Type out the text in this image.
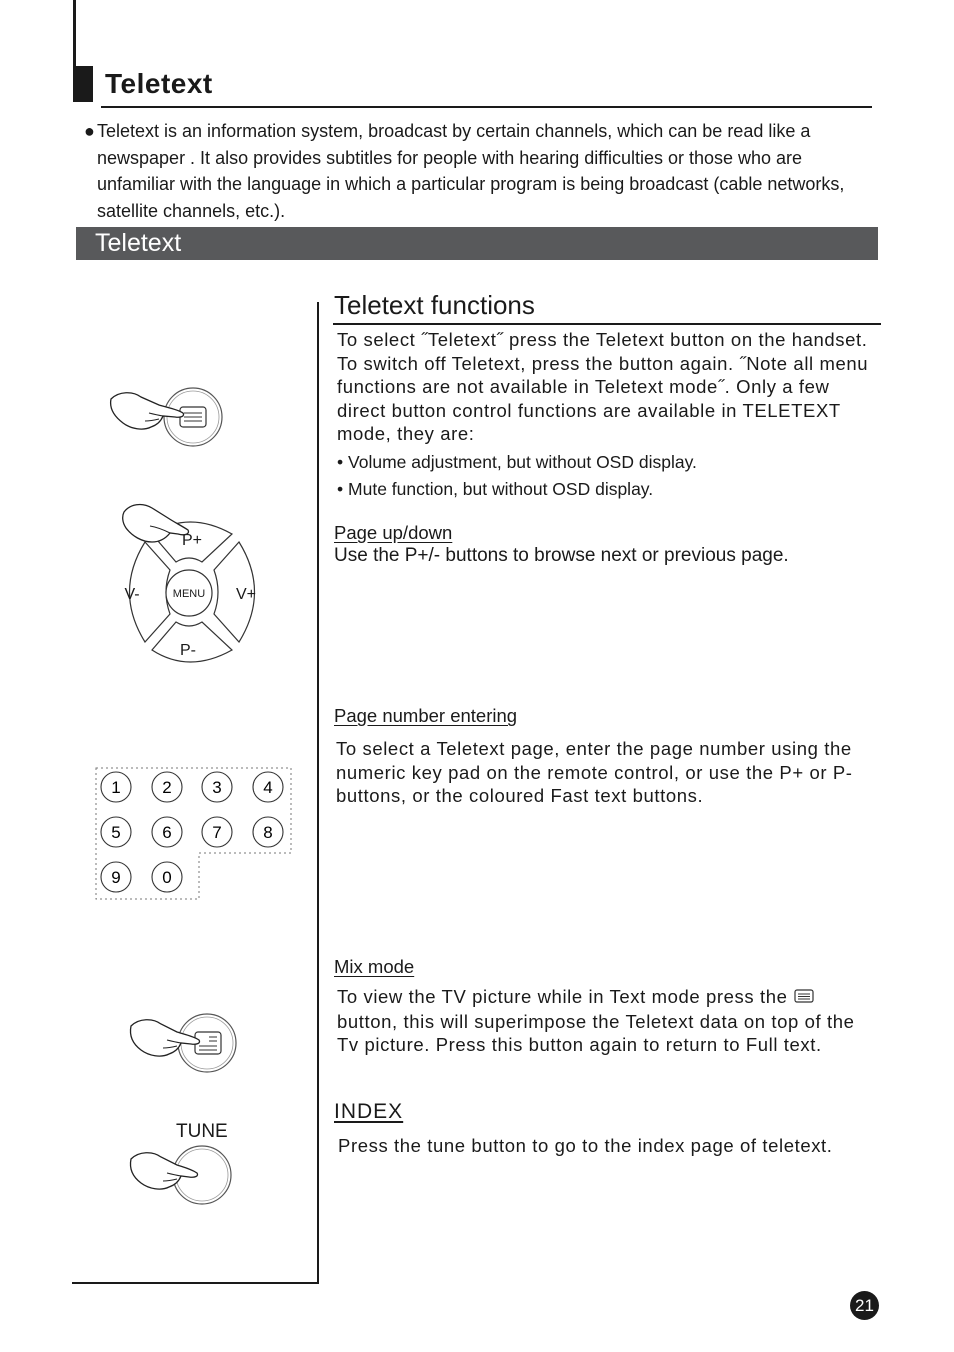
Teletext
● Teletext is an information system, broadcast by certain channels, which can be read like a newspaper . It also provides subtitles for people with hearing difficulties or those who are unfamiliar with the language in which a particular program is being broadcast (cable networks, satellite channels, etc.).
Teletext
Teletext functions
To select ˝Teletext˝ press the Teletext button on the handset. To switch off Teletext, press the button again. ˝Note all menu functions are not available in Teletext mode˝. Only a few direct button control functions are available in TELETEXT mode, they are:
• Volume adjustment, but without OSD display.
• Mute function, but without OSD display.
Page up/down
Use the P+/- buttons to browse next or previous page.
Page number entering
To select a Teletext page, enter the page number using the numeric key pad on the remote control, or use the P+ or P- buttons, or the coloured Fast text buttons.
Mix mode
To view the TV picture while in Text mode press the  button, this will superimpose the Teletext data on top of the Tv picture. Press this button again to return to Full text.
INDEX
Press the tune button to go to the index page of teletext.
P+
P-
V-	V+
MENU
1 2 3 4
5 6 7 8
9 0
TUNE
21
